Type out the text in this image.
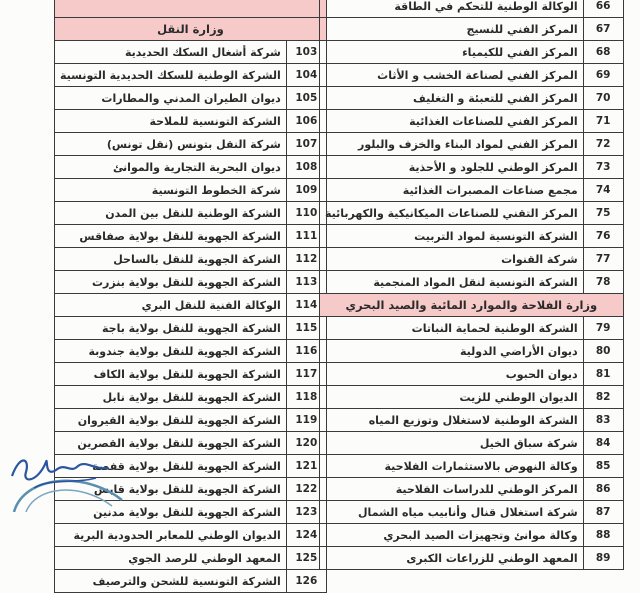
وزارة النقل	
شركة أشغال السكك الحديدية	103
الشركة الوطنية للسكك الحديدية التونسية	104
ديوان الطيران المدني والمطارات	105
الشركة التونسية للملاحة	106
شركة النقل بتونس (نقل تونس)	107
ديوان البحرية التجارية والموانئ	108
شركة الخطوط التونسية	109
الشركة الوطنية للنقل بين المدن	110
الشركة الجهوية للنقل بولاية صفاقس	111
الشركة الجهوية للنقل بالساحل	112
الشركة الجهوية للنقل بولاية بنزرت	113
الوكالة الفنية للنقل البري	114
الشركة الجهوية للنقل بولاية باجة	115
الشركة الجهوية للنقل بولاية جندوبة	116
الشركة الجهوية للنقل بولاية الكاف	117
الشركة الجهوية للنقل بولاية نابل	118
الشركة الجهوية للنقل بولاية القيروان	119
الشركة الجهوية للنقل بولاية القصرين	120
الشركة الجهوية للنقل بولاية قفصة	121
الشركة الجهوية للنقل بولاية قابس	122
الشركة الجهوية للنقل بولاية مدنين	123
الديوان الوطني للمعابر الحدودية البرية	124
المعهد الوطني للرصد الجوي	125
الشركة التونسية للشحن والترصيف	126
الوكالة الوطنية للتحكم في الطاقة	66
المركز الفني للنسيج	67
المركز الفني للكيمياء	68
المركز الفني لصناعة الخشب و الأثاث	69
المركز الفني للتعبئة و التغليف	70
المركز الفني للصناعات الغذائية	71
المركز الفني لمواد البناء والخزف والبلور	72
المركز الوطني للجلود و الأحذية	73
مجمع صناعات المصبرات الغذائية	74
المركز التقني للصناعات الميكانيكية والكهربائية	75
الشركة التونسية لمواد التربيت	76
شركة القنوات	77
الشركة التونسية لنقل المواد المنجمية	78
وزارة الفلاحة والموارد المائية والصيد البحري	
الشركة الوطنية لحماية النباتات	79
ديوان الأراضي الدولية	80
ديوان الحبوب	81
الديوان الوطني للزيت	82
الشركة الوطنية لاستغلال وتوزيع المياه	83
شركة سباق الخيل	84
وكالة النهوض بالاستثمارات الفلاحية	85
المركز الوطني للدراسات الفلاحية	86
شركة استغلال قنال وأنابيب مياه الشمال	87
وكالة موانئ وتجهيزات الصيد البحري	88
المعهد الوطني للزراعات الكبرى	89
